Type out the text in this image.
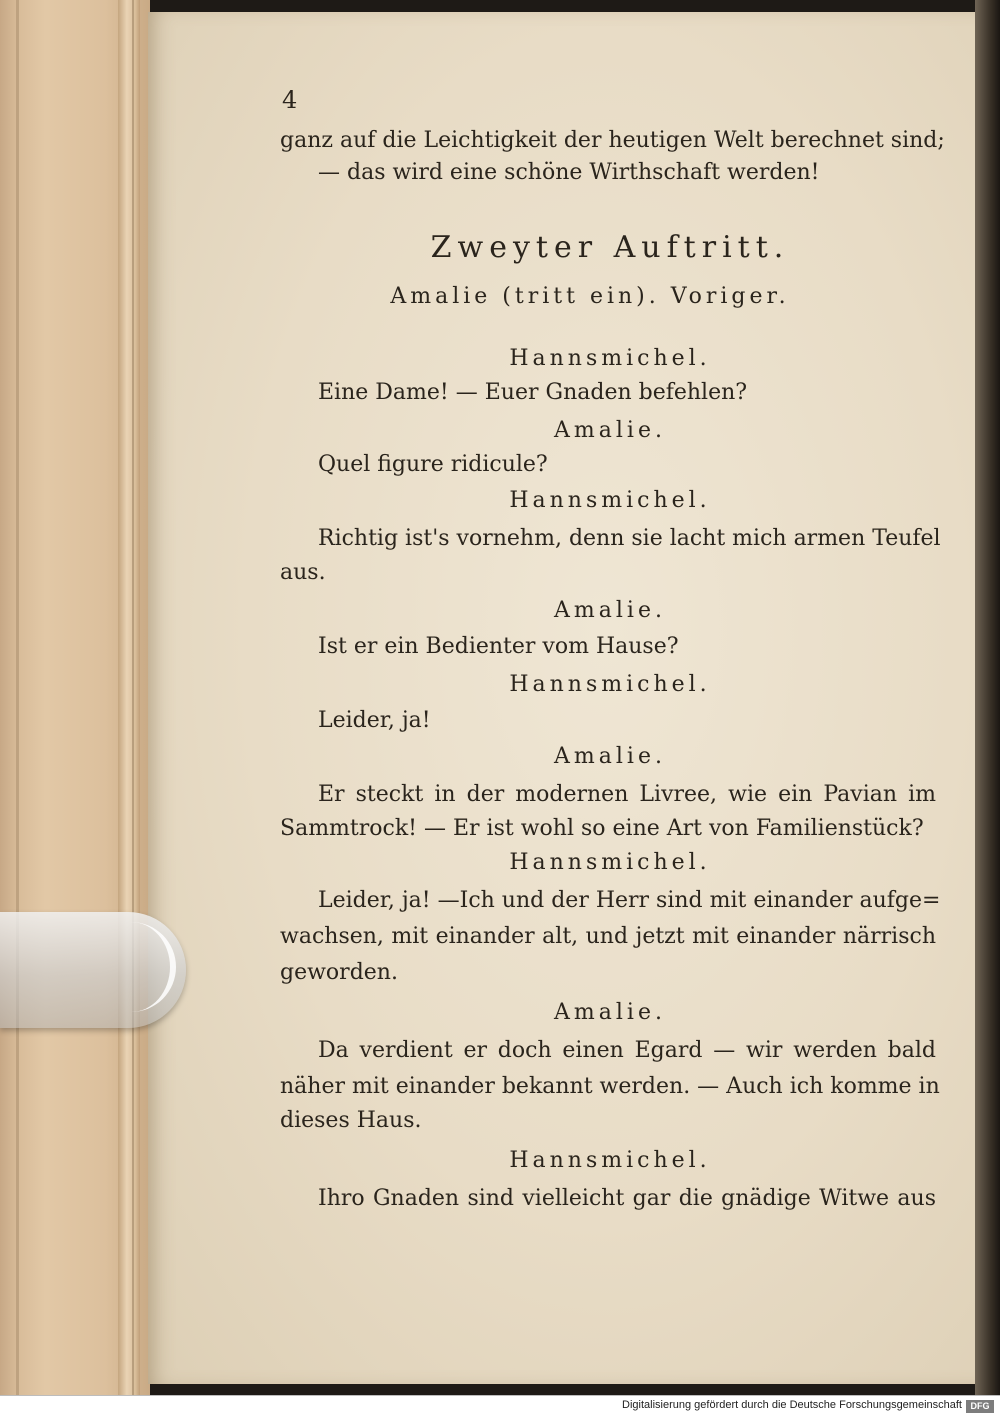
4
ganz auf die Leichtigkeit der heutigen Welt berechnet sind;
— das wird eine schöne Wirthschaft werden!
Zweyter Auftritt.
Amalie (tritt ein). Voriger.
Hannsmichel.
Eine Dame! — Euer Gnaden befehlen?
Amalie.
Quel figure ridicule?
Hannsmichel.
Richtig ist's vornehm, denn sie lacht mich armen Teufel
aus.
Amalie.
Ist er ein Bedienter vom Hause?
Hannsmichel.
Leider, ja!
Amalie.
Er steckt in der modernen Livree, wie ein Pavian im
Sammtrock! — Er ist wohl so eine Art von Familienstück?
Hannsmichel.
Leider, ja! —Ich und der Herr sind mit einander aufge=
wachsen, mit einander alt, und jetzt mit einander närrisch
geworden.
Amalie.
Da verdient er doch einen Egard — wir werden bald
näher mit einander bekannt werden. — Auch ich komme in
dieses Haus.
Hannsmichel.
Ihro Gnaden sind vielleicht gar die gnädige Witwe aus
Digitalisierung gefördert durch die Deutsche Forschungsgemeinschaft DFG
